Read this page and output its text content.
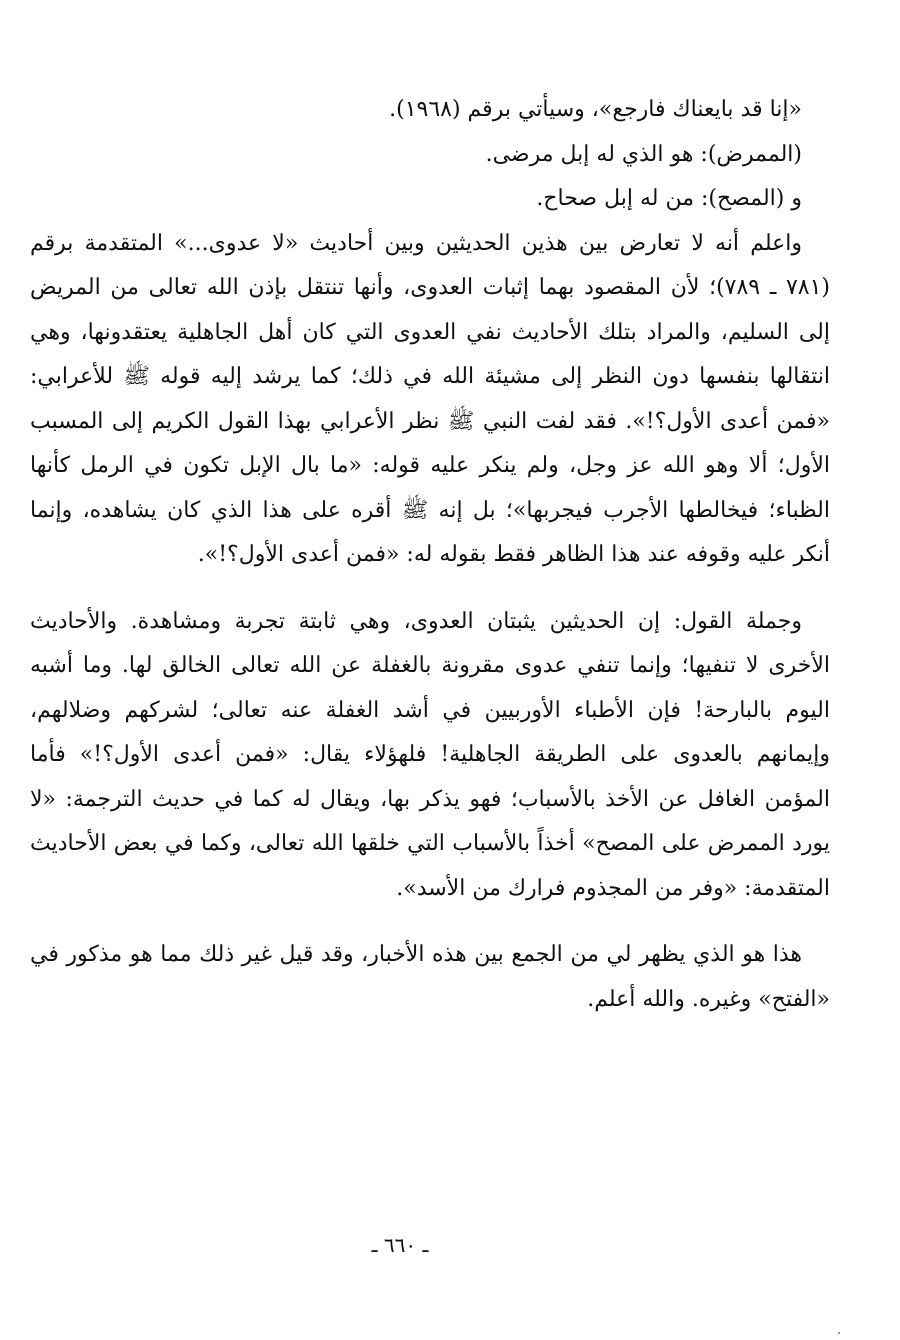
«إنا قد بايعناك فارجع»، وسيأتي برقم (١٩٦٨).

(الممرض): هو الذي له إبل مرضى.

و (المصح): من له إبل صحاح.

واعلم أنه لا تعارض بين هذين الحديثين وبين أحاديث «لا عدوى...» المتقدمة برقم (٧٨١ ـ ٧٨٩)؛ لأن المقصود بهما إثبات العدوى، وأنها تنتقل بإذن الله تعالى من المريض إلى السليم، والمراد بتلك الأحاديث نفي العدوى التي كان أهل الجاهلية يعتقدونها، وهي انتقالها بنفسها دون النظر إلى مشيئة الله في ذلك؛ كما يرشد إليه قوله ﷺ للأعرابي: «فمن أعدى الأول؟!». فقد لفت النبي ﷺ نظر الأعرابي بهذا القول الكريم إلى المسبب الأول؛ ألا وهو الله عز وجل، ولم ينكر عليه قوله: «ما بال الإبل تكون في الرمل كأنها الظباء؛ فيخالطها الأجرب فيجربها»؛ بل إنه ﷺ أقره على هذا الذي كان يشاهده، وإنما أنكر عليه وقوفه عند هذا الظاهر فقط بقوله له: «فمن أعدى الأول؟!».

وجملة القول: إن الحديثين يثبتان العدوى، وهي ثابتة تجربة ومشاهدة. والأحاديث الأخرى لا تنفيها؛ وإنما تنفي عدوى مقرونة بالغفلة عن الله تعالى الخالق لها. وما أشبه اليوم بالبارحة! فإن الأطباء الأوربيين في أشد الغفلة عنه تعالى؛ لشركهم وضلالهم، وإيمانهم بالعدوى على الطريقة الجاهلية! فلهؤلاء يقال: «فمن أعدى الأول؟!» فأما المؤمن الغافل عن الأخذ بالأسباب؛ فهو يذكر بها، ويقال له كما في حديث الترجمة: «لا يورد الممرض على المصح» أخذاً بالأسباب التي خلقها الله تعالى، وكما في بعض الأحاديث المتقدمة: «وفر من المجذوم فرارك من الأسد».

هذا هو الذي يظهر لي من الجمع بين هذه الأخبار، وقد قيل غير ذلك مما هو مذكور في «الفتح» وغيره. والله أعلم.

ـ ٦٦٠ ـ
